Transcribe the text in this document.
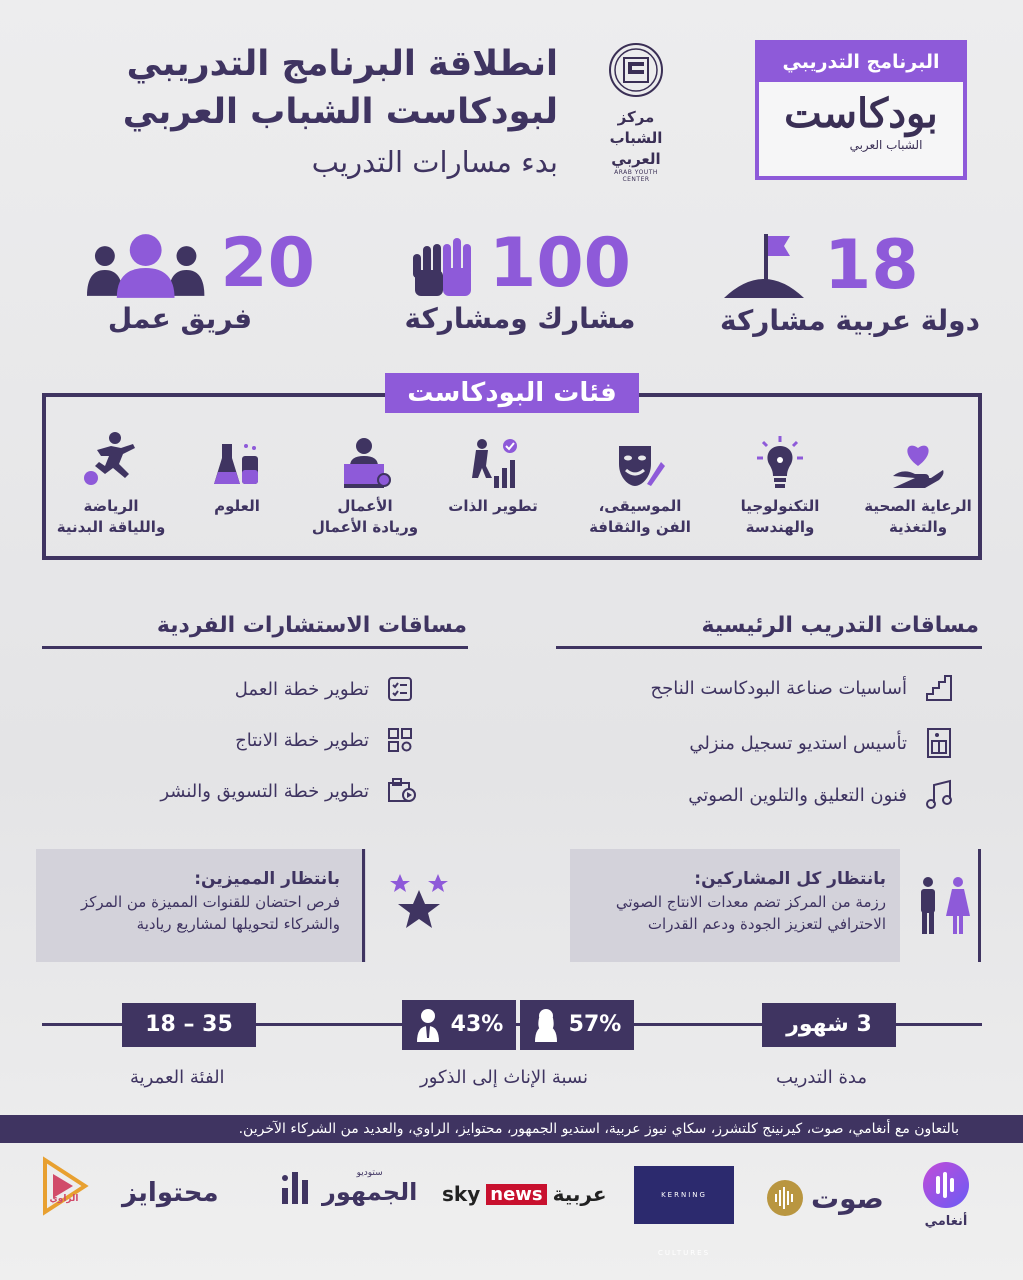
البرنامج التدريبي
بودكاست
الشباب العربي
مركز
الشباب
العربي
ARAB YOUTH CENTER
انطلاقة البرنامج التدريبي
لبودكاست الشباب العربي
بدء مسارات التدريب
18
دولة عربية مشاركة
100
مشارك ومشاركة
20
فريق عمل
فئات البودكاست
الرعاية الصحية
والتغذية
التكنولوجيا
والهندسة
الموسيقى،
الفن والثقافة
تطوير الذات
الأعمال
وريادة الأعمال
العلوم
الرياضة
واللياقة البدنية
مساقات التدريب الرئيسية
أساسيات صناعة البودكاست الناجح
تأسيس استديو تسجيل منزلي
فنون التعليق والتلوين الصوتي
مساقات الاستشارات الفردية
تطوير خطة العمل
تطوير خطة الانتاج
تطوير خطة التسويق والنشر
بانتظار كل المشاركين:
رزمة من المركز تضم معدات الانتاج الصوتي
الاحترافي لتعزيز الجودة ودعم القدرات
بانتظار المميزين:
فرص احتضان للقنوات المميزة من المركز
والشركاء لتحويلها لمشاريع ريادية
3 شهور
مدة التدريب
57%
43%
نسبة الإناث إلى الذكور
18 – 35
الفئة العمرية
بالتعاون مع أنغامي، صوت، كيرنينج كلتشرز، سكاي نيوز عربية، استديو الجمهور، محتوايز، الراوي، والعديد من الشركاء الآخرين.
أنغامي
صوت
KERNING CULTURES
sky news عربية
ستوديو
الجمهور
محتوايز
الراوي
